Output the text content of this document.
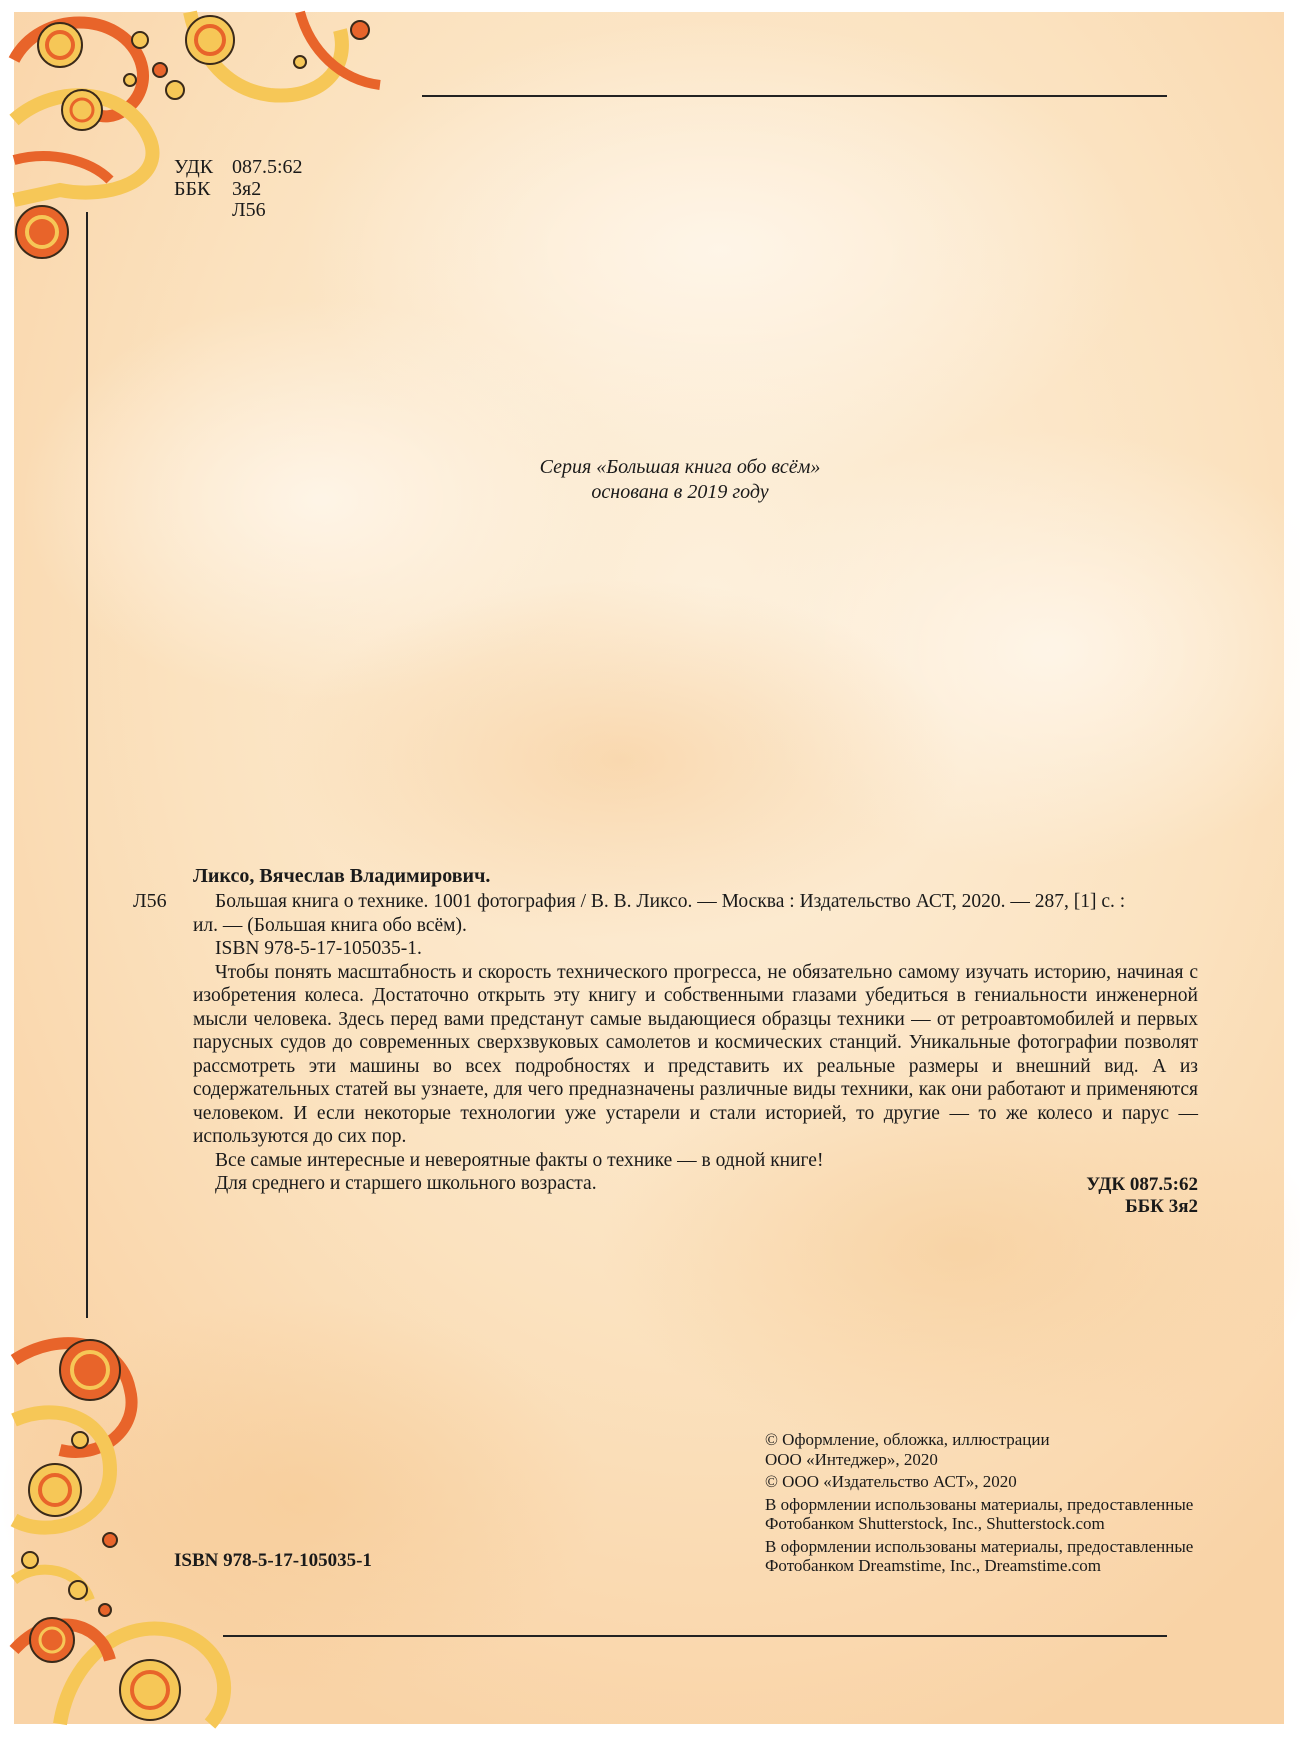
УДК 087.5:62
ББК 3я2
Л56
Серия «Большая книга обо всём»
основана в 2019 году
Ликсо, Вячеслав Владимирович.
Л56	Большая книга о технике. 1001 фотография / В. В. Ликсо. — Москва : Издательство АСТ, 2020. — 287, [1] с. :

ил. — (Большая книга обо всём).

ISBN 978-5-17-105035-1.

Чтобы понять масштабность и скорость технического прогресса, не обязательно самому изучать историю, начиная с изобретения колеса. Достаточно открыть эту книгу и собственными глазами убедиться в гениальности инженерной мысли человека. Здесь перед вами предстанут самые выдающиеся образцы техники — от ретроавтомобилей и первых парусных судов до современных сверхзвуковых самолетов и космических станций. Уникальные фотографии позволят рассмотреть эти машины во всех подробностях и представить их реальные размеры и внешний вид. А из содержательных статей вы узнаете, для чего предназначены различные виды техники, как они работают и применяются человеком. И если некоторые технологии уже устарели и стали историей, то другие — то же колесо и парус — используются до сих пор.

Все самые интересные и невероятные факты о технике — в одной книге!

Для среднего и старшего школьного возраста.	УДК 087.5:62
ББК 3я2
ISBN 978-5-17-105035-1
© Оформление, обложка, иллюстрации
ООО «Интеджер», 2020
© ООО «Издательство АСТ», 2020
В оформлении использованы материалы, предоставленные
Фотобанком Shutterstock, Inc., Shutterstock.com
В оформлении использованы материалы, предоставленные
Фотобанком Dreamstime, Inc., Dreamstime.com
